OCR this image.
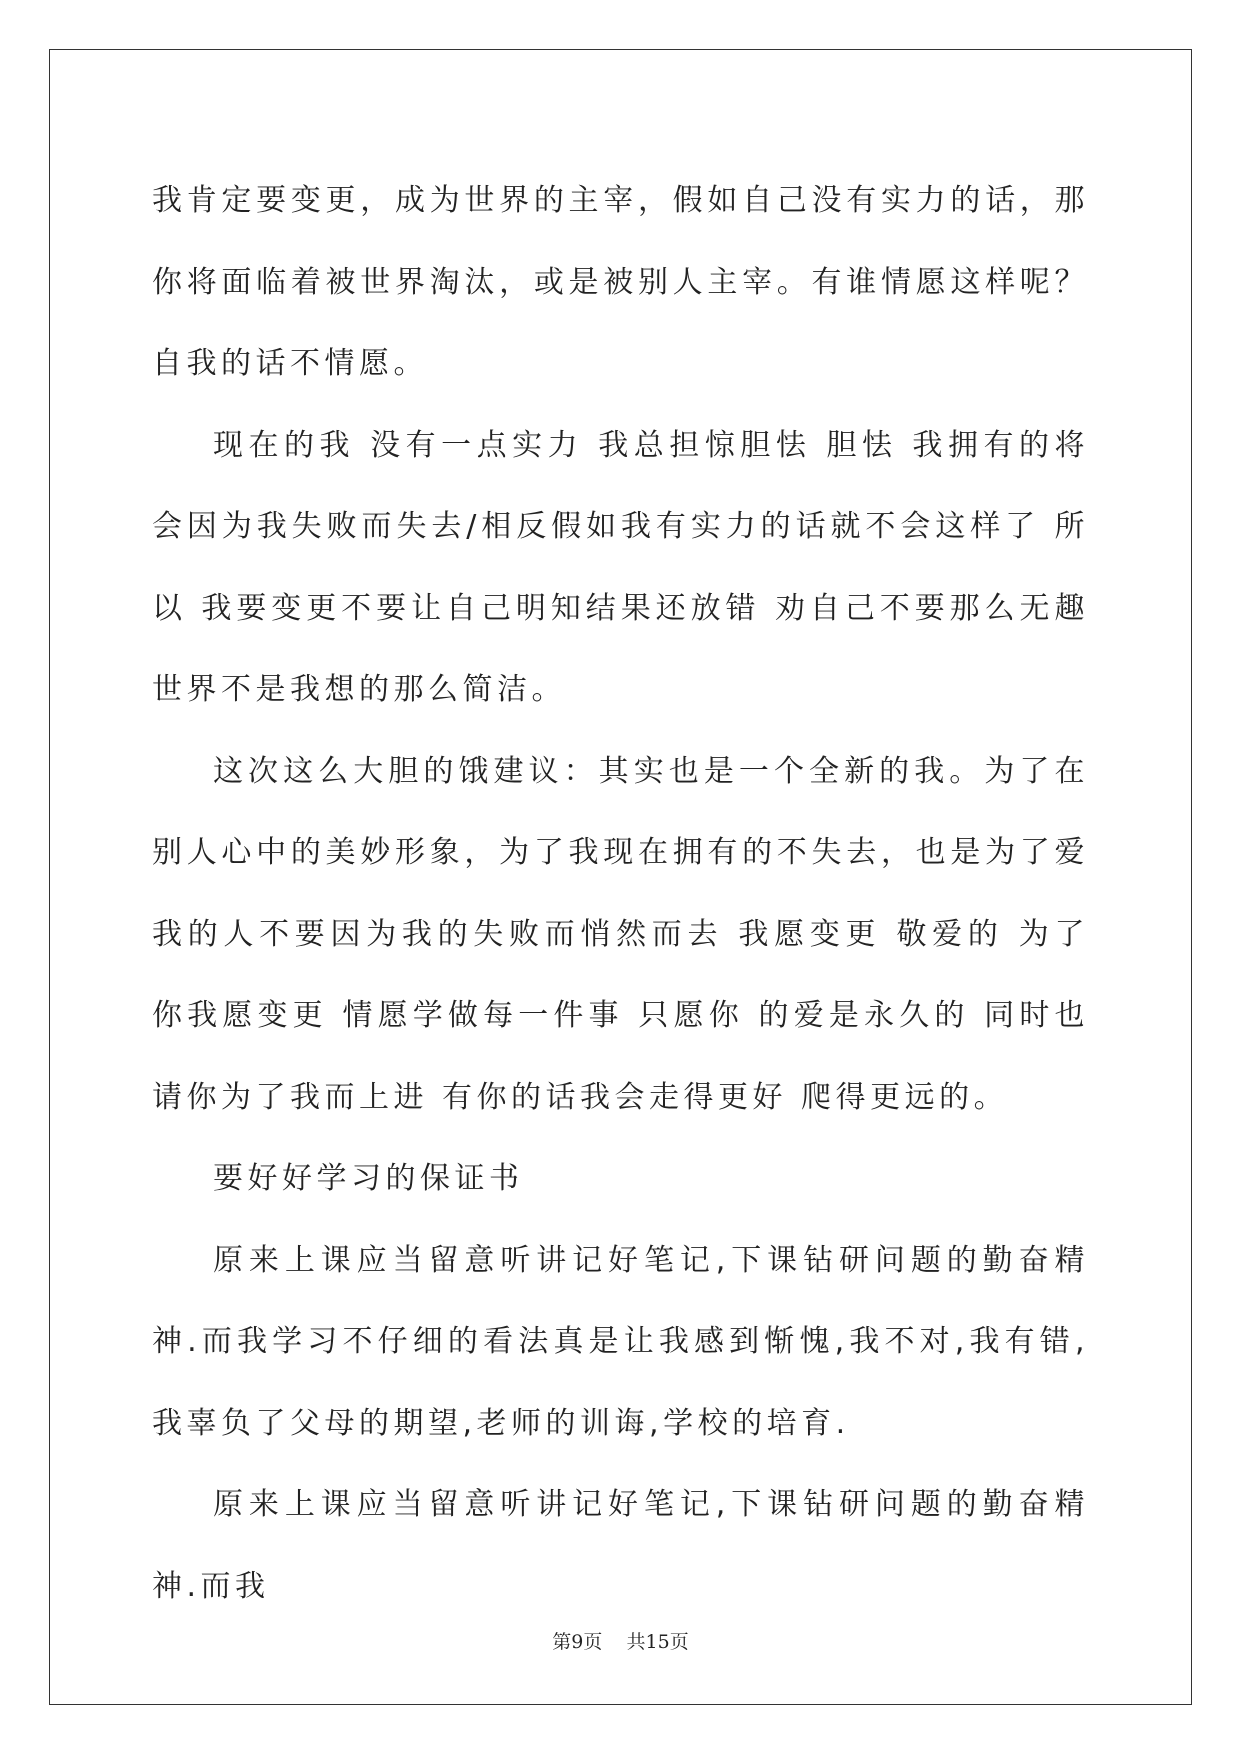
我肯定要变更，成为世界的主宰，假如自己没有实力的话，那你将面临着被世界淘汰，或是被别人主宰。有谁情愿这样呢？自我的话不情愿。

现在的我 没有一点实力 我总担惊胆怯 胆怯 我拥有的将会因为我失败而失去/相反假如我有实力的话就不会这样了 所以 我要变更不要让自己明知结果还放错 劝自己不要那么无趣 世界不是我想的那么简洁。

这次这么大胆的饿建议：其实也是一个全新的我。为了在别人心中的美妙形象，为了我现在拥有的不失去，也是为了爱我的人不要因为我的失败而悄然而去 我愿变更 敬爱的 为了你我愿变更 情愿学做每一件事 只愿你 的爱是永久的 同时也请你为了我而上进 有你的话我会走得更好 爬得更远的。

要好好学习的保证书

原来上课应当留意听讲记好笔记,下课钻研问题的勤奋精神.而我学习不仔细的看法真是让我感到惭愧,我不对,我有错,我辜负了父母的期望,老师的训诲,学校的培育.

原来上课应当留意听讲记好笔记,下课钻研问题的勤奋精神.而我

第9页 共15页
